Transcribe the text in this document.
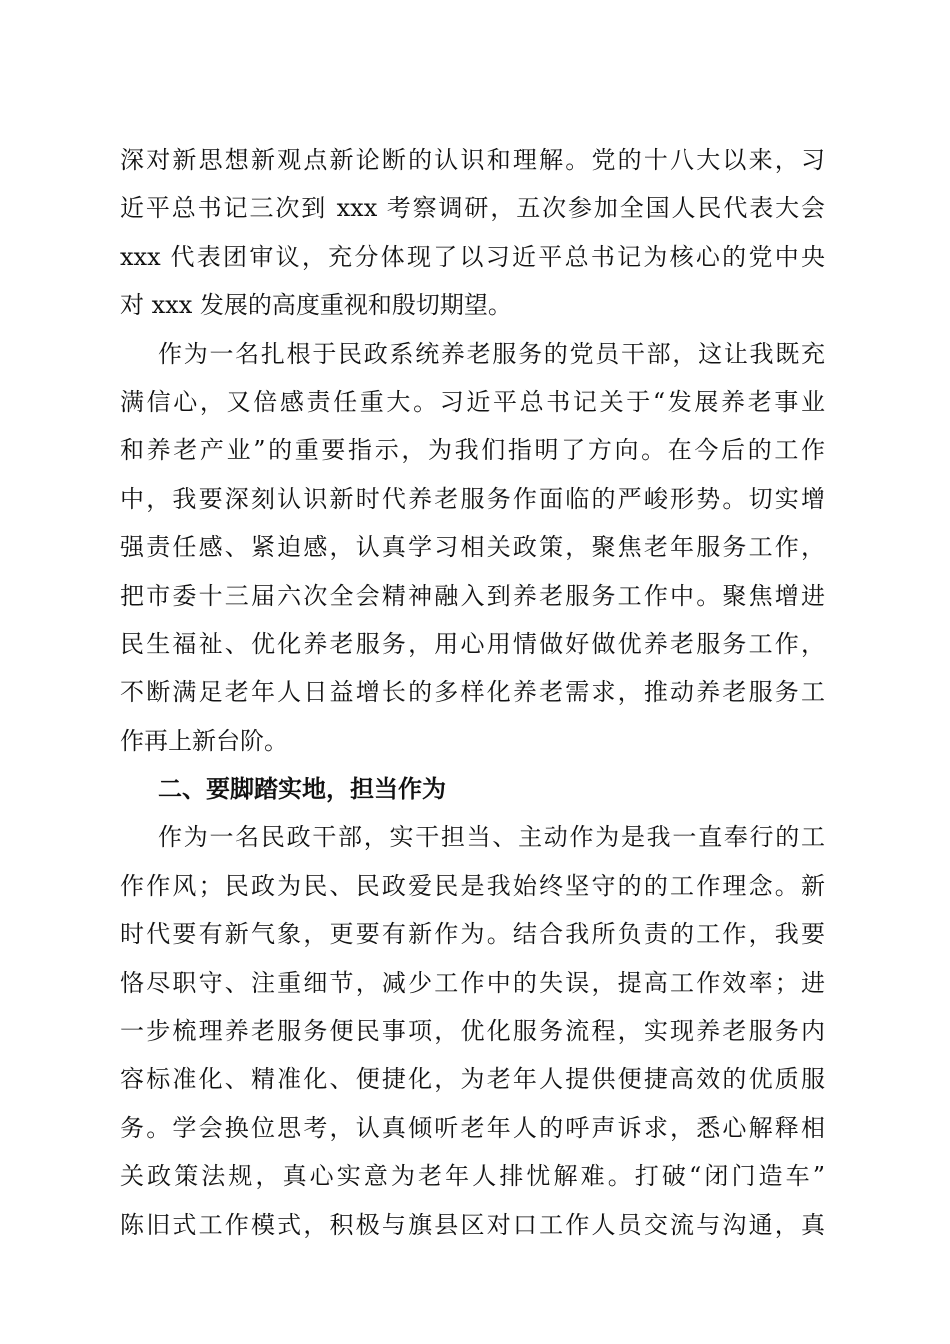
深对新思想新观点新论断的认识和理解。党的十八大以来，习
近平总书记三次到 xxx 考察调研，五次参加全国人民代表大会
xxx 代表团审议，充分体现了以习近平总书记为核心的党中央
对 xxx 发展的高度重视和殷切期望。
作为一名扎根于民政系统养老服务的党员干部，这让我既充
满信心，又倍感责任重大。习近平总书记关于“发展养老事业
和养老产业”的重要指示，为我们指明了方向。在今后的工作
中，我要深刻认识新时代养老服务作面临的严峻形势。切实增
强责任感、紧迫感，认真学习相关政策，聚焦老年服务工作，
把市委十三届六次全会精神融入到养老服务工作中。聚焦增进
民生福祉、优化养老服务，用心用情做好做优养老服务工作，
不断满足老年人日益增长的多样化养老需求，推动养老服务工
作再上新台阶。
二、要脚踏实地，担当作为
作为一名民政干部，实干担当、主动作为是我一直奉行的工
作作风；民政为民、民政爱民是我始终坚守的的工作理念。新
时代要有新气象，更要有新作为。结合我所负责的工作，我要
恪尽职守、注重细节，减少工作中的失误，提高工作效率；进
一步梳理养老服务便民事项，优化服务流程，实现养老服务内
容标准化、精准化、便捷化，为老年人提供便捷高效的优质服
务。学会换位思考，认真倾听老年人的呼声诉求，悉心解释相
关政策法规，真心实意为老年人排忧解难。打破“闭门造车”
陈旧式工作模式，积极与旗县区对口工作人员交流与沟通，真
